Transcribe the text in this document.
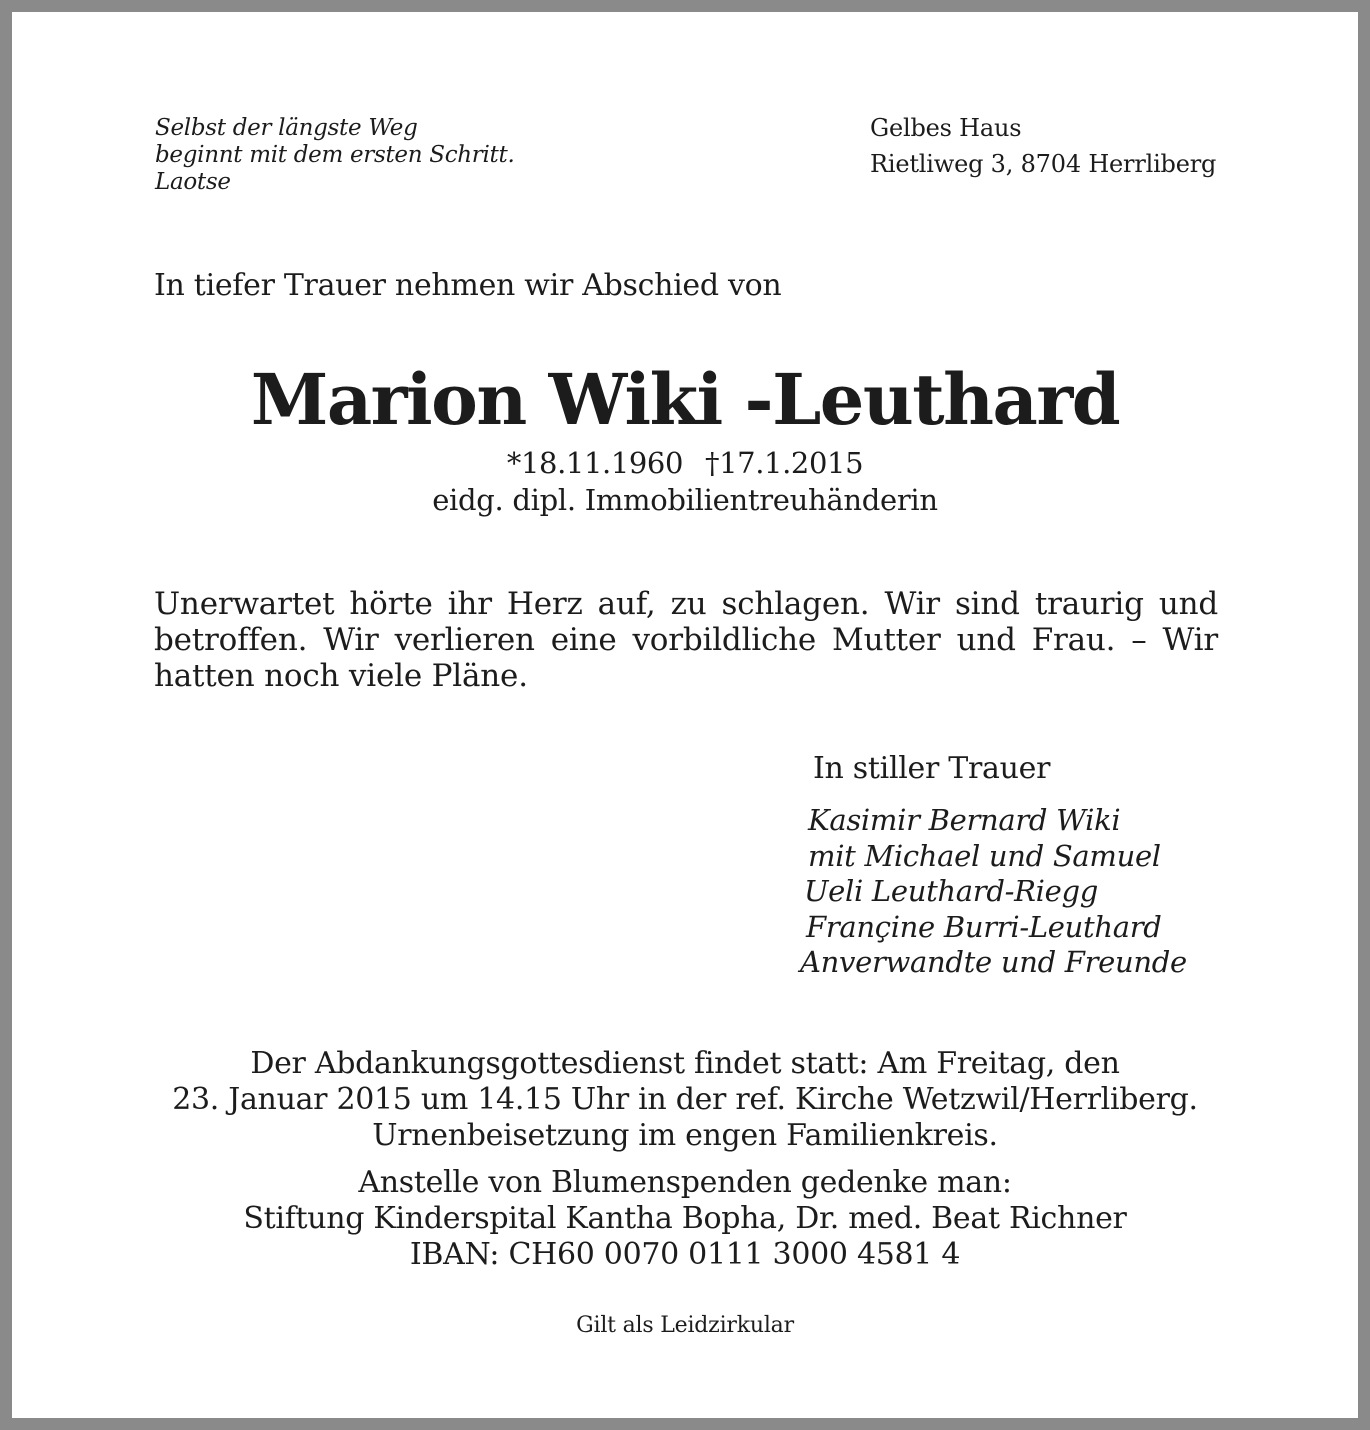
Selbst der längste Weg
beginnt mit dem ersten Schritt.
Laotse
Gelbes Haus
Rietliweg 3, 8704 Herrliberg
In tiefer Trauer nehmen wir Abschied von
Marion Wiki -Leuthard
*18.11.1960 †17.1.2015
eidg. dipl. Immobilientreuhänderin
Unerwartet hörte ihr Herz auf, zu schlagen. Wir sind traurig und
betroffen. Wir verlieren eine vorbildliche Mutter und Frau. – Wir
hatten noch viele Pläne.
In stiller Trauer
Kasimir Bernard Wiki
mit Michael und Samuel
Ueli Leuthard-Riegg
Françine Burri-Leuthard
Anverwandte und Freunde
Der Abdankungsgottesdienst findet statt: Am Freitag, den
23. Januar 2015 um 14.15 Uhr in der ref. Kirche Wetzwil/Herrliberg.
Urnenbeisetzung im engen Familienkreis.
Anstelle von Blumenspenden gedenke man:
Stiftung Kinderspital Kantha Bopha, Dr. med. Beat Richner
IBAN: CH60 0070 0111 3000 4581 4
Gilt als Leidzirkular
